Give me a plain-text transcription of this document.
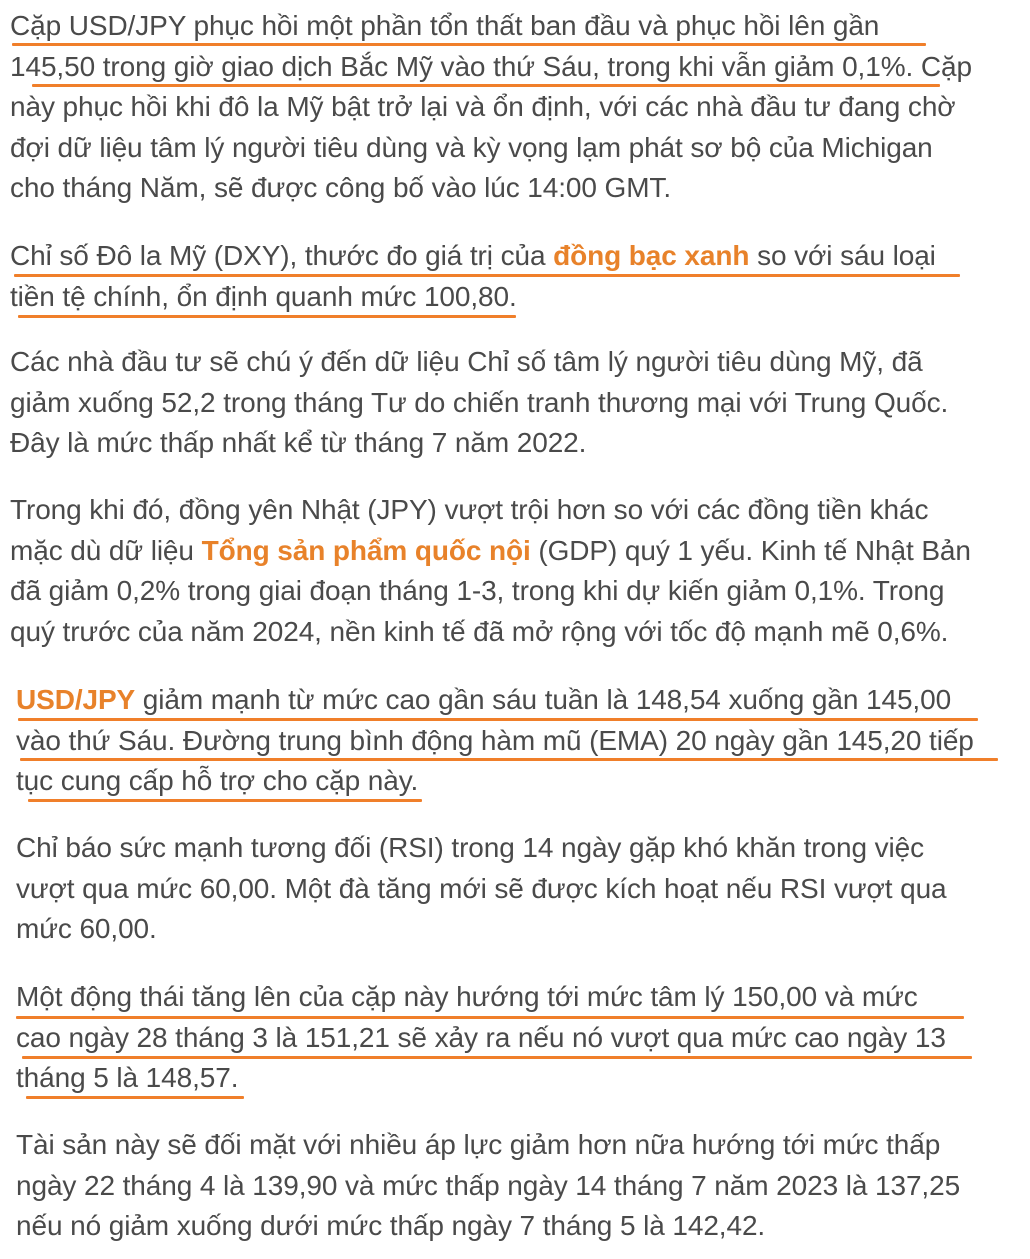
Cặp USD/JPY phục hồi một phần tổn thất ban đầu và phục hồi lên gần
145,50 trong giờ giao dịch Bắc Mỹ vào thứ Sáu, trong khi vẫn giảm 0,1%. Cặp
này phục hồi khi đô la Mỹ bật trở lại và ổn định, với các nhà đầu tư đang chờ
đợi dữ liệu tâm lý người tiêu dùng và kỳ vọng lạm phát sơ bộ của Michigan
cho tháng Năm, sẽ được công bố vào lúc 14:00 GMT.

Chỉ số Đô la Mỹ (DXY), thước đo giá trị của đồng bạc xanh so với sáu loại
tiền tệ chính, ổn định quanh mức 100,80.

Các nhà đầu tư sẽ chú ý đến dữ liệu Chỉ số tâm lý người tiêu dùng Mỹ, đã
giảm xuống 52,2 trong tháng Tư do chiến tranh thương mại với Trung Quốc.
Đây là mức thấp nhất kể từ tháng 7 năm 2022.

Trong khi đó, đồng yên Nhật (JPY) vượt trội hơn so với các đồng tiền khác
mặc dù dữ liệu Tổng sản phẩm quốc nội (GDP) quý 1 yếu. Kinh tế Nhật Bản
đã giảm 0,2% trong giai đoạn tháng 1-3, trong khi dự kiến giảm 0,1%. Trong
quý trước của năm 2024, nền kinh tế đã mở rộng với tốc độ mạnh mẽ 0,6%.

USD/JPY giảm mạnh từ mức cao gần sáu tuần là 148,54 xuống gần 145,00
vào thứ Sáu. Đường trung bình động hàm mũ (EMA) 20 ngày gần 145,20 tiếp
tục cung cấp hỗ trợ cho cặp này.

Chỉ báo sức mạnh tương đối (RSI) trong 14 ngày gặp khó khăn trong việc
vượt qua mức 60,00. Một đà tăng mới sẽ được kích hoạt nếu RSI vượt qua
mức 60,00.

Một động thái tăng lên của cặp này hướng tới mức tâm lý 150,00 và mức
cao ngày 28 tháng 3 là 151,21 sẽ xảy ra nếu nó vượt qua mức cao ngày 13
tháng 5 là 148,57.

Tài sản này sẽ đối mặt với nhiều áp lực giảm hơn nữa hướng tới mức thấp
ngày 22 tháng 4 là 139,90 và mức thấp ngày 14 tháng 7 năm 2023 là 137,25
nếu nó giảm xuống dưới mức thấp ngày 7 tháng 5 là 142,42.
